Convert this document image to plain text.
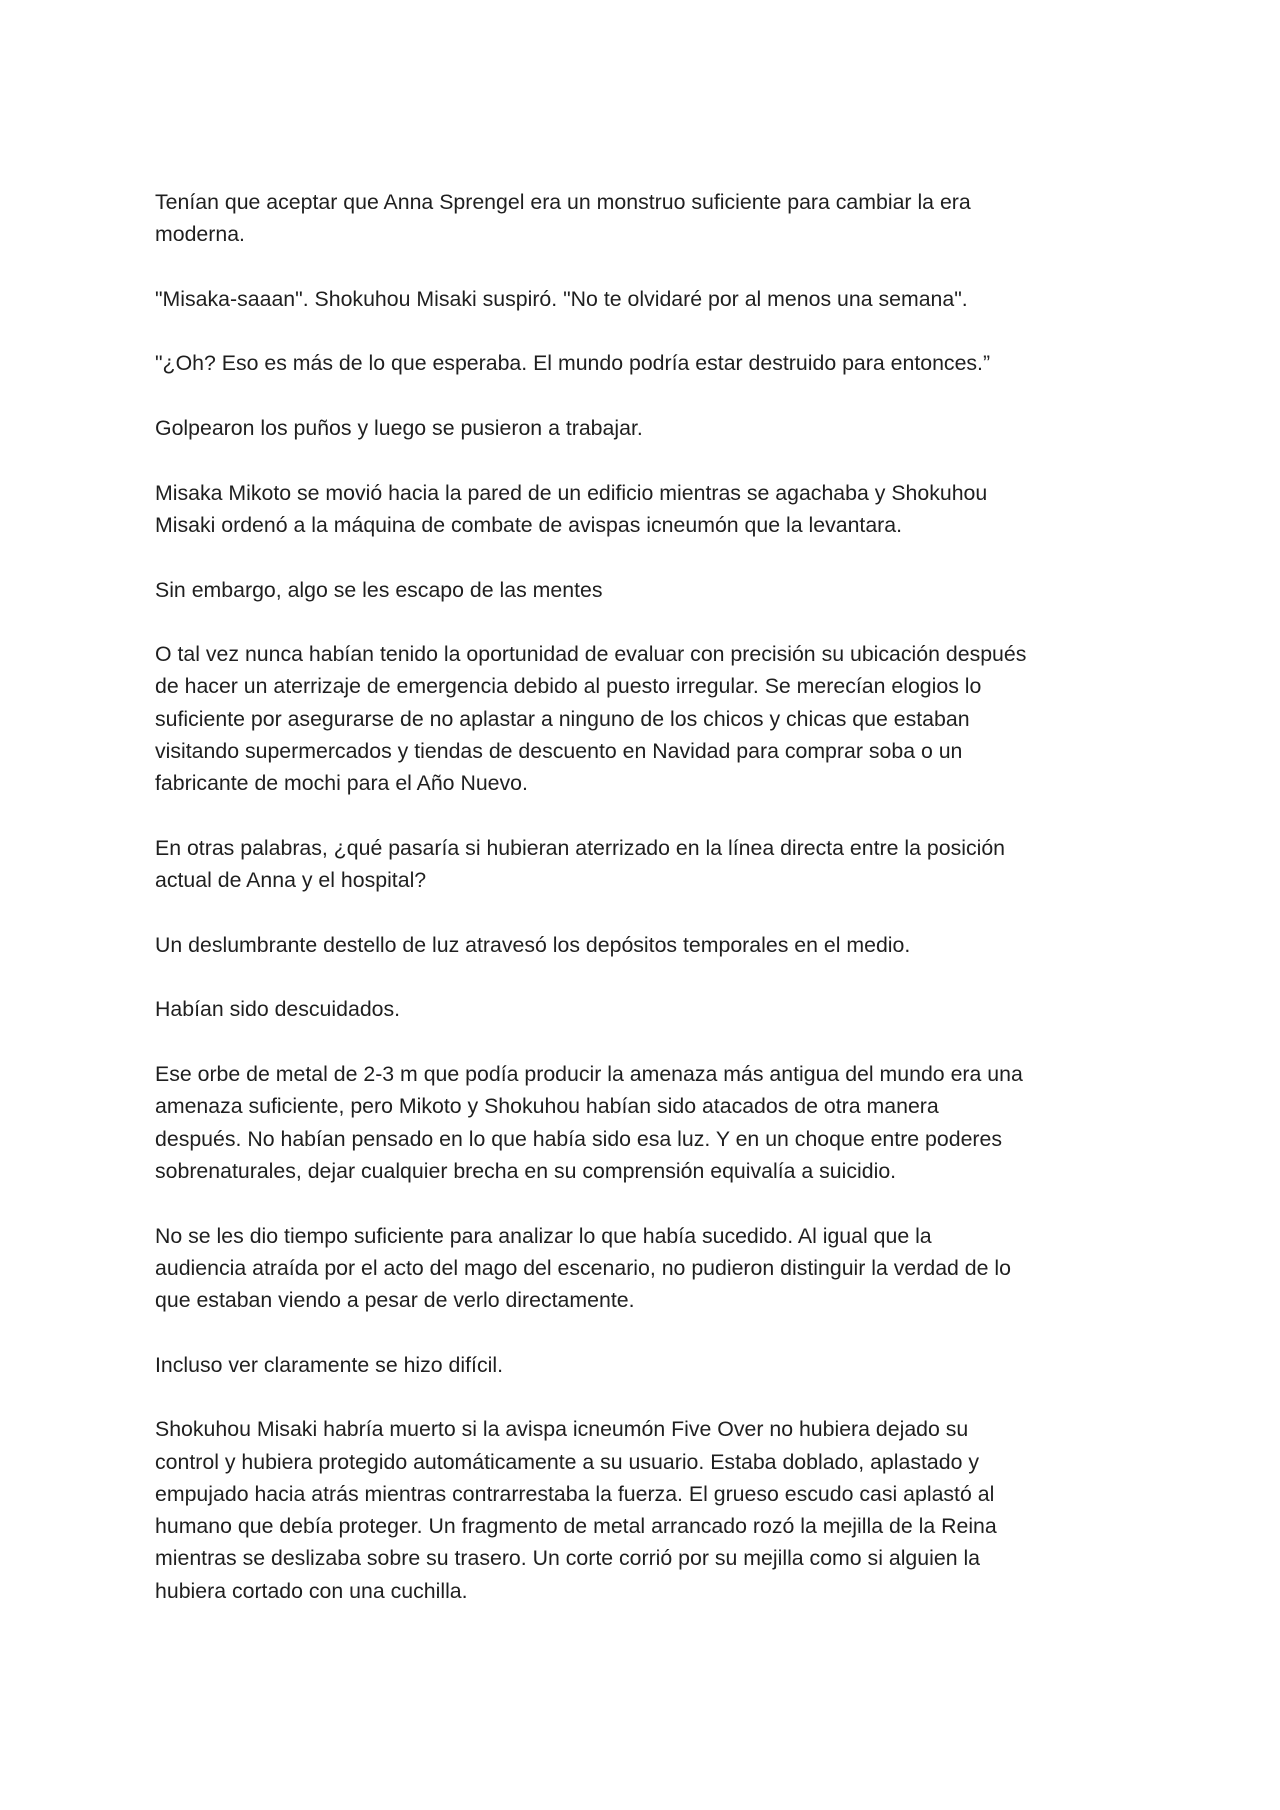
Tenían que aceptar que Anna Sprengel era un monstruo suficiente para cambiar la era
moderna.

"Misaka-saaan". Shokuhou Misaki suspiró. "No te olvidaré por al menos una semana".

"¿Oh? Eso es más de lo que esperaba. El mundo podría estar destruido para entonces.”

Golpearon los puños y luego se pusieron a trabajar.

Misaka Mikoto se movió hacia la pared de un edificio mientras se agachaba y Shokuhou
Misaki ordenó a la máquina de combate de avispas icneumón que la levantara.

Sin embargo, algo se les escapo de las mentes

O tal vez nunca habían tenido la oportunidad de evaluar con precisión su ubicación después
de hacer un aterrizaje de emergencia debido al puesto irregular. Se merecían elogios lo
suficiente por asegurarse de no aplastar a ninguno de los chicos y chicas que estaban
visitando supermercados y tiendas de descuento en Navidad para comprar soba o un
fabricante de mochi para el Año Nuevo.

En otras palabras, ¿qué pasaría si hubieran aterrizado en la línea directa entre la posición
actual de Anna y el hospital?

Un deslumbrante destello de luz atravesó los depósitos temporales en el medio.

Habían sido descuidados.

Ese orbe de metal de 2-3 m que podía producir la amenaza más antigua del mundo era una
amenaza suficiente, pero Mikoto y Shokuhou habían sido atacados de otra manera
después. No habían pensado en lo que había sido esa luz. Y en un choque entre poderes
sobrenaturales, dejar cualquier brecha en su comprensión equivalía a suicidio.

No se les dio tiempo suficiente para analizar lo que había sucedido. Al igual que la
audiencia atraída por el acto del mago del escenario, no pudieron distinguir la verdad de lo
que estaban viendo a pesar de verlo directamente.

Incluso ver claramente se hizo difícil.

Shokuhou Misaki habría muerto si la avispa icneumón Five Over no hubiera dejado su
control y hubiera protegido automáticamente a su usuario. Estaba doblado, aplastado y
empujado hacia atrás mientras contrarrestaba la fuerza. El grueso escudo casi aplastó al
humano que debía proteger. Un fragmento de metal arrancado rozó la mejilla de la Reina
mientras se deslizaba sobre su trasero. Un corte corrió por su mejilla como si alguien la
hubiera cortado con una cuchilla.
